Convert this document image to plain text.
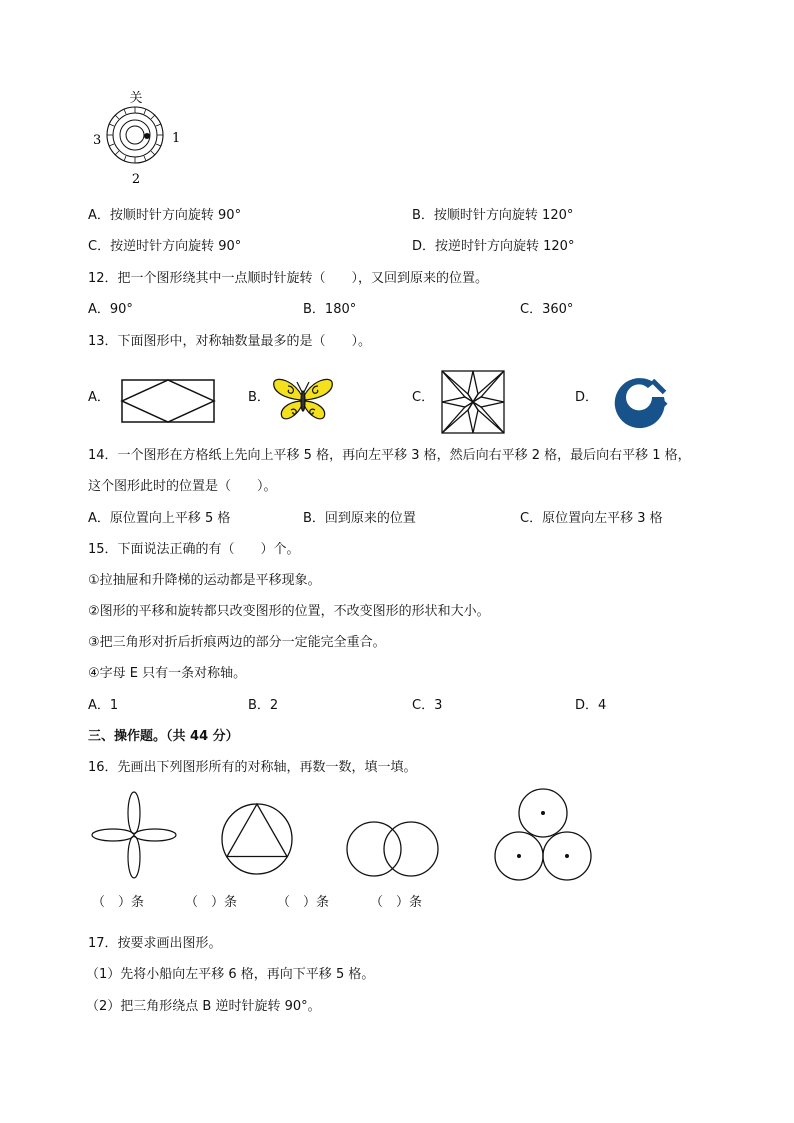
关
1
2
3
A．按顺时针方向旋转 90°	B．按顺时针方向旋转 120°
C．按逆时针方向旋转 90°	D．按逆时针方向旋转 120°
12．把一个图形绕其中一点顺时针旋转（　　），又回到原来的位置。
A．90°	B．180°	C．360°
13．下面图形中，对称轴数量最多的是（　　）。
A．	B．	C．	D．
14．一个图形在方格纸上先向上平移 5 格，再向左平移 3 格，然后向右平移 2 格，最后向右平移 1 格，
这个图形此时的位置是（　　）。
A．原位置向上平移 5 格	B．回到原来的位置	C．原位置向左平移 3 格
15．下面说法正确的有（　　）个。
①拉抽屉和升降梯的运动都是平移现象。
②图形的平移和旋转都只改变图形的位置，不改变图形的形状和大小。
③把三角形对折后折痕两边的部分一定能完全重合。
④字母 E 只有一条对称轴。
A．1	B．2	C．3	D．4
三、操作题。（共 44 分）
16．先画出下列图形所有的对称轴，再数一数，填一填。
（　）条	（　）条	（　）条	（　）条
17．按要求画出图形。
（1）先将小船向左平移 6 格，再向下平移 5 格。
（2）把三角形绕点 B 逆时针旋转 90°。
